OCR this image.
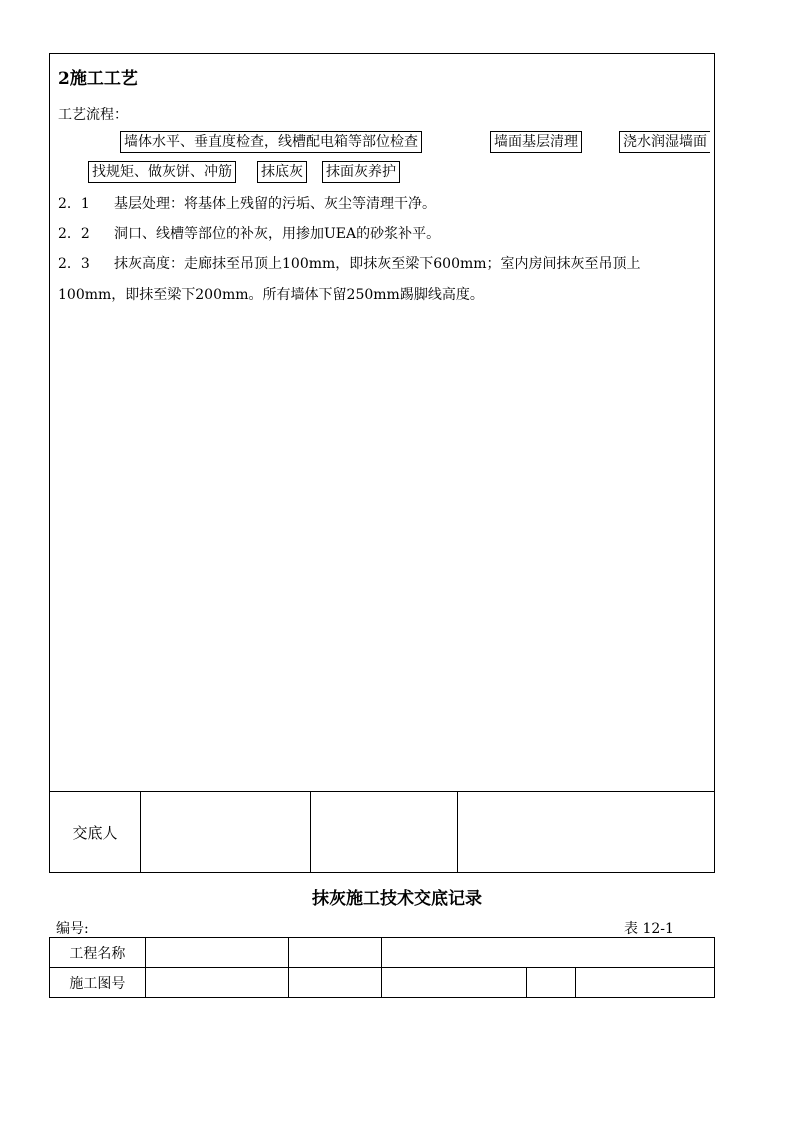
2施工工艺
工艺流程：
墙体水平、垂直度检查，线槽配电箱等部位检查	墙面基层清理	浇水润湿墙面
找规矩、做灰饼、冲筋 抹底灰 抹面灰养护
2．1 基层处理：将基体上残留的污垢、灰尘等清理干净。
2．2 洞口、线槽等部位的补灰，用掺加UEA的砂浆补平。
2．3 抹灰高度：走廊抹至吊顶上100mm，即抹灰至梁下600mm；室内房间抹灰至吊顶上
100mm，即抹至梁下200mm。所有墙体下留250mm踢脚线高度。
交底人
抹灰施工技术交底记录
编号:	表 12-1
工程名称					
施工图号					
